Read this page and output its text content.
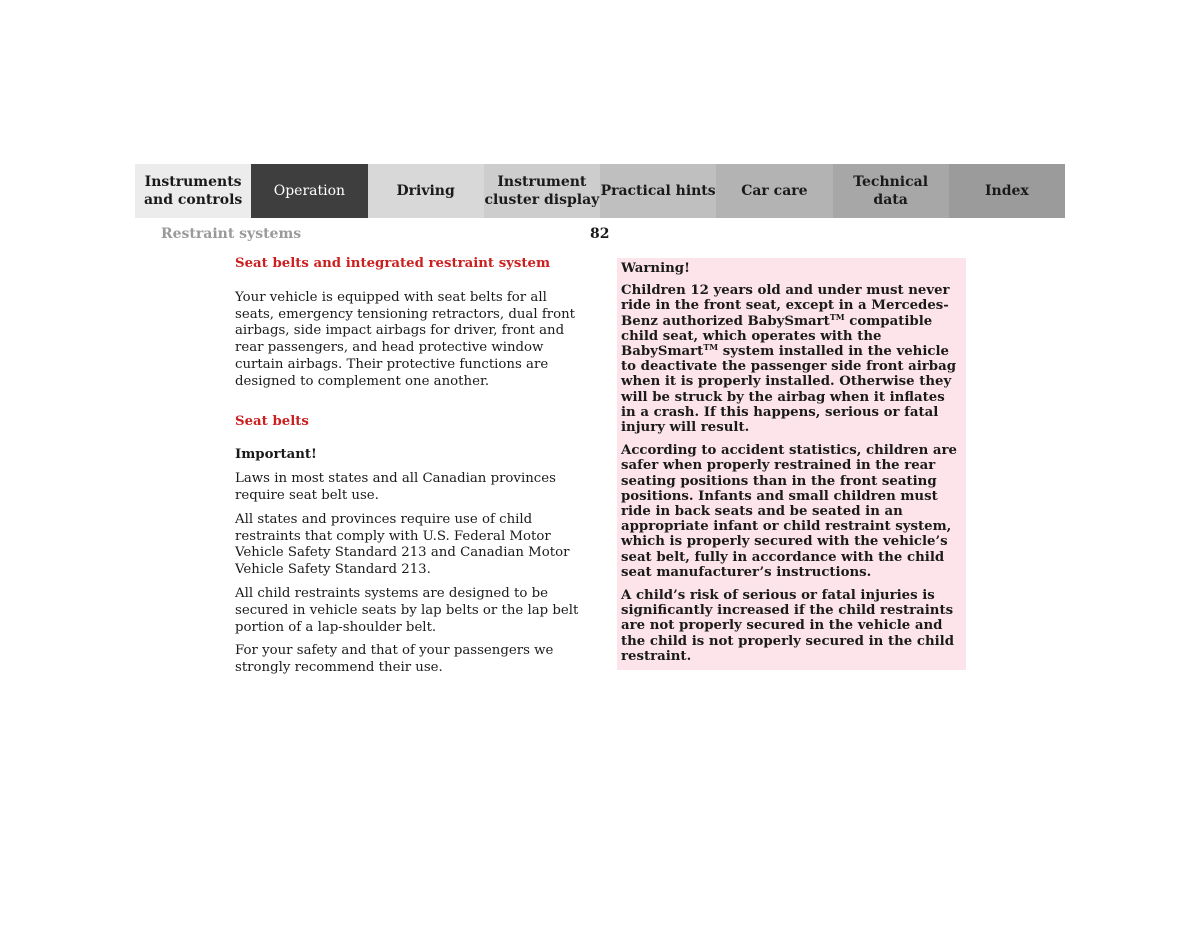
Instruments
and controls
Operation	Driving
Instrument
cluster display
Practical hints	Car care
Technical
data
Index
Restraint systems	82
Seat belts and integrated restraint system

Your vehicle is equipped with seat belts for all seats, emergency tensioning retractors, dual front airbags, side impact airbags for driver, front and rear passengers, and head protective window curtain airbags. Their protective functions are designed to complement one another.

Seat belts

Important!

Laws in most states and all Canadian provinces require seat belt use.

All states and provinces require use of child restraints that comply with U.S. Federal Motor Vehicle Safety Standard 213 and Canadian Motor Vehicle Safety Standard 213.

All child restraints systems are designed to be secured in vehicle seats by lap belts or the lap belt portion of a lap-shoulder belt.

For your safety and that of your passengers we strongly recommend their use.

Warning!

Children 12 years old and under must never ride in the front seat, except in a Mercedes-Benz authorized BabySmart™ compatible child seat, which operates with the BabySmart™ system installed in the vehicle to deactivate the passenger side front airbag when it is properly installed. Otherwise they will be struck by the airbag when it inflates in a crash. If this happens, serious or fatal injury will result.

According to accident statistics, children are safer when properly restrained in the rear seating positions than in the front seating positions. Infants and small children must ride in back seats and be seated in an appropriate infant or child restraint system, which is properly secured with the vehicle’s seat belt, fully in accordance with the child seat manufacturer’s instructions.

A child’s risk of serious or fatal injuries is significantly increased if the child restraints are not properly secured in the vehicle and the child is not properly secured in the child restraint.
